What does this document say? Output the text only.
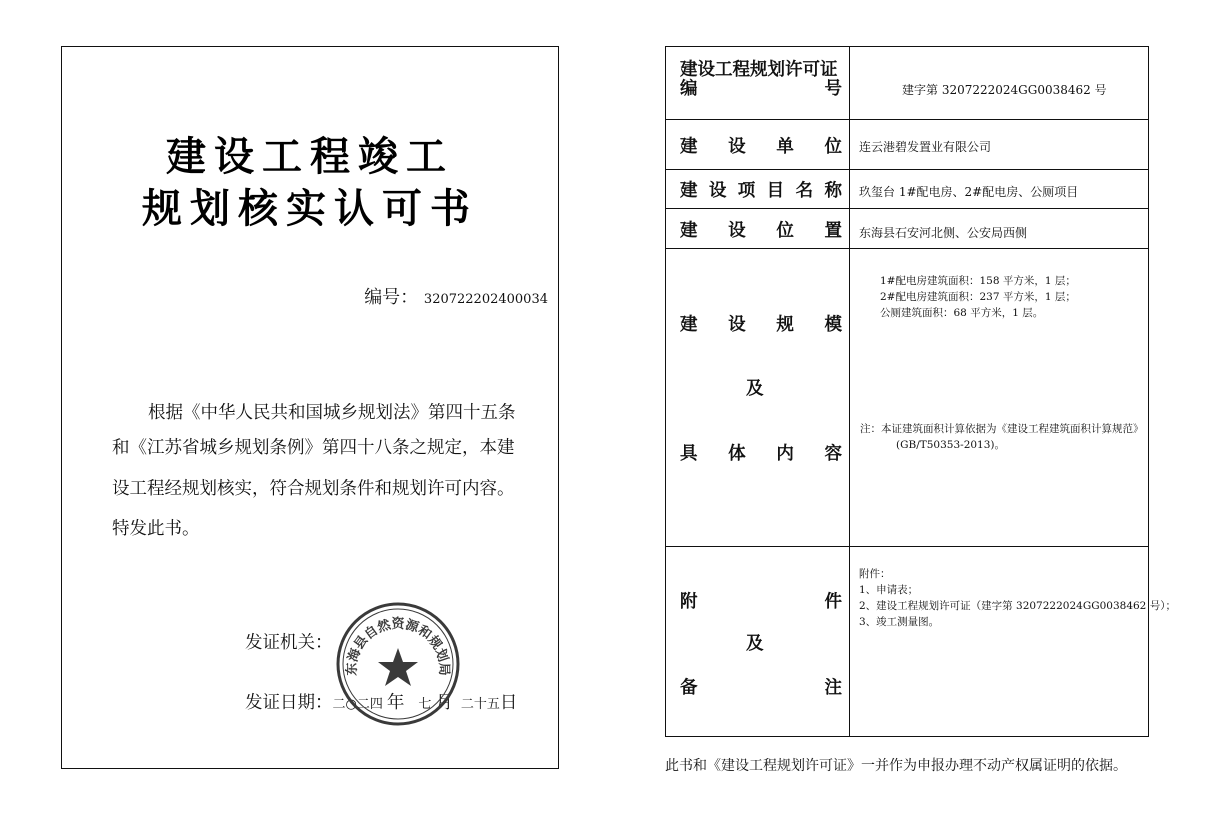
建设工程竣工
规划核实认可书
编号： 320722202400034
根据《中华人民共和国城乡规划法》第四十五条
和《江苏省城乡规划条例》第四十八条之规定，本建
设工程经规划核实，符合规划条件和规划许可内容。
特发此书。
发证机关：
发证日期：二○二四 年 七 月 二十五日
东海县自然资源和规划局
建设工程规划许可证
编	号	建字第 3207222024GG0038462 号
建 设 单 位 连云港碧发置业有限公司
建 设 项 目 名 称 玖玺台 1#配电房、2#配电房、公厕项目
建 设 位 置 东海县石安河北侧、公安局西侧
建 设 规 模
及
具 体 内 容
1#配电房建筑面积：158 平方米，1 层；
2#配电房建筑面积：237 平方米，1 层；
公厕建筑面积：68 平方米，1 层。
注：本证建筑面积计算依据为《建设工程建筑面积计算规范》
(GB/T50353-2013)。
附	件
及
备	注
附件：
1、申请表；
2、建设工程规划许可证（建字第 3207222024GG0038462 号）；
3、竣工测量图。
此书和《建设工程规划许可证》一并作为申报办理不动产权属证明的依据。
